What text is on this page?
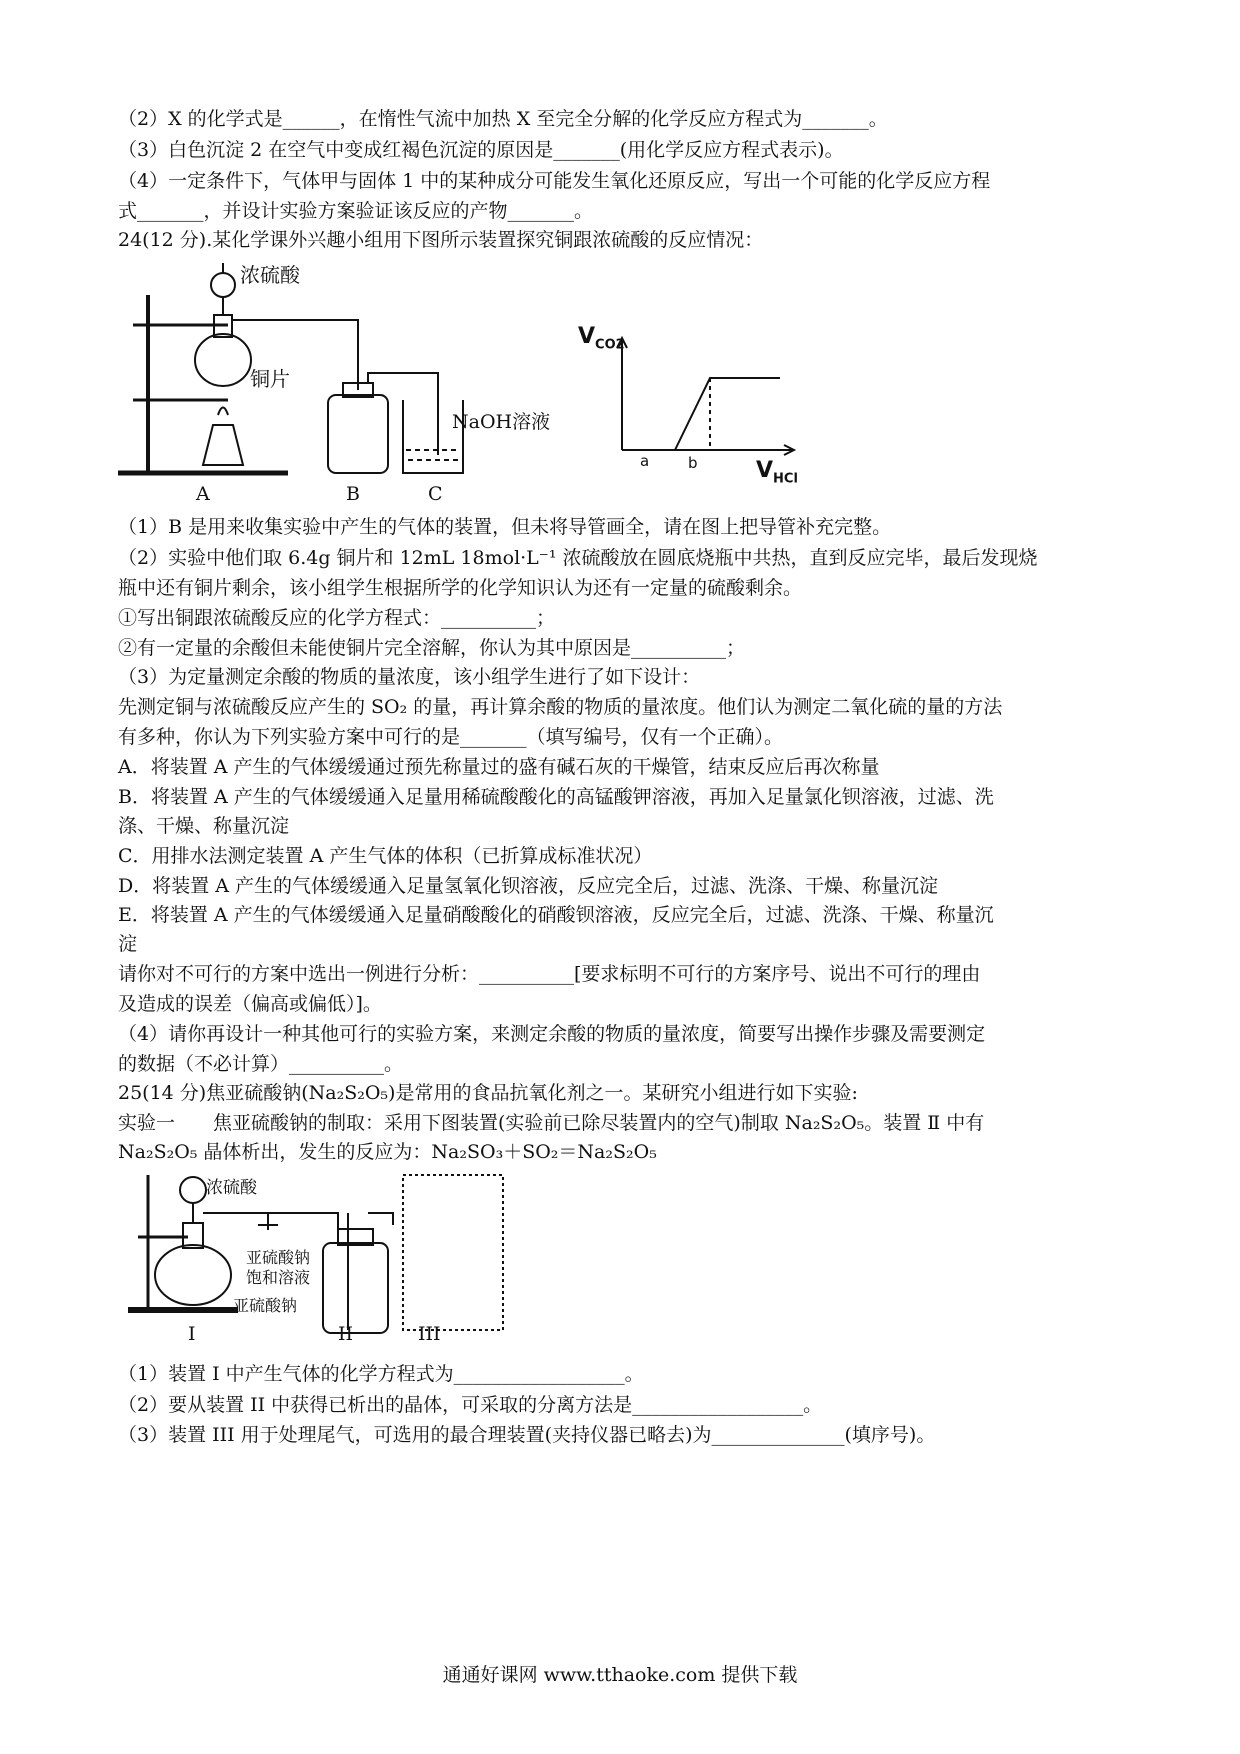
（2）X 的化学式是______，在惰性气流中加热 X 至完全分解的化学反应方程式为_______。
（3）白色沉淀 2 在空气中变成红褐色沉淀的原因是_______(用化学反应方程式表示)。
（4）一定条件下，气体甲与固体 1 中的某种成分可能发生氧化还原反应，写出一个可能的化学反应方程
式_______，并设计实验方案验证该反应的产物_______。
24(12 分).某化学课外兴趣小组用下图所示装置探究铜跟浓硫酸的反应情况：
浓硫酸
铜片
NaOH溶液
A	B	C
$V_{CO2}$
a	b	$V_{HCl}$
（1）B 是用来收集实验中产生的气体的装置，但未将导管画全，请在图上把导管补充完整。
（2）实验中他们取 6.4g 铜片和 12mL 18mol·L⁻¹ 浓硫酸放在圆底烧瓶中共热，直到反应完毕，最后发现烧
瓶中还有铜片剩余，该小组学生根据所学的化学知识认为还有一定量的硫酸剩余。
①写出铜跟浓硫酸反应的化学方程式：__________；
②有一定量的余酸但未能使铜片完全溶解，你认为其中原因是__________；
（3）为定量测定余酸的物质的量浓度，该小组学生进行了如下设计：
先测定铜与浓硫酸反应产生的 SO₂ 的量，再计算余酸的物质的量浓度。他们认为测定二氧化硫的量的方法
有多种，你认为下列实验方案中可行的是_______（填写编号，仅有一个正确）。
A．将装置 A 产生的气体缓缓通过预先称量过的盛有碱石灰的干燥管，结束反应后再次称量
B．将装置 A 产生的气体缓缓通入足量用稀硫酸酸化的高锰酸钾溶液，再加入足量氯化钡溶液，过滤、洗
涤、干燥、称量沉淀
C．用排水法测定装置 A 产生气体的体积（已折算成标准状况）
D．将装置 A 产生的气体缓缓通入足量氢氧化钡溶液，反应完全后，过滤、洗涤、干燥、称量沉淀
E．将装置 A 产生的气体缓缓通入足量硝酸酸化的硝酸钡溶液，反应完全后，过滤、洗涤、干燥、称量沉
淀
请你对不可行的方案中选出一例进行分析：__________[要求标明不可行的方案序号、说出不可行的理由
及造成的误差（偏高或偏低）]。
（4）请你再设计一种其他可行的实验方案，来测定余酸的物质的量浓度，简要写出操作步骤及需要测定
的数据（不必计算）__________。
25(14 分)焦亚硫酸钠(Na₂S₂O₅)是常用的食品抗氧化剂之一。某研究小组进行如下实验:
实验一　　焦亚硫酸钠的制取：采用下图装置(实验前已除尽装置内的空气)制取 Na₂S₂O₅。装置 Ⅱ 中有
Na₂S₂O₅ 晶体析出，发生的反应为：Na₂SO₃＋SO₂＝Na₂S₂O₅
浓硫酸
亚硫酸钠
饱和溶液
亚硫酸钠
I	II	III
（1）装置 I 中产生气体的化学方程式为__________________。
（2）要从装置 II 中获得已析出的晶体，可采取的分离方法是__________________。
（3）装置 III 用于处理尾气，可选用的最合理装置(夹持仪器已略去)为______________(填序号)。
通通好课网 www.tthaoke.com 提供下载
